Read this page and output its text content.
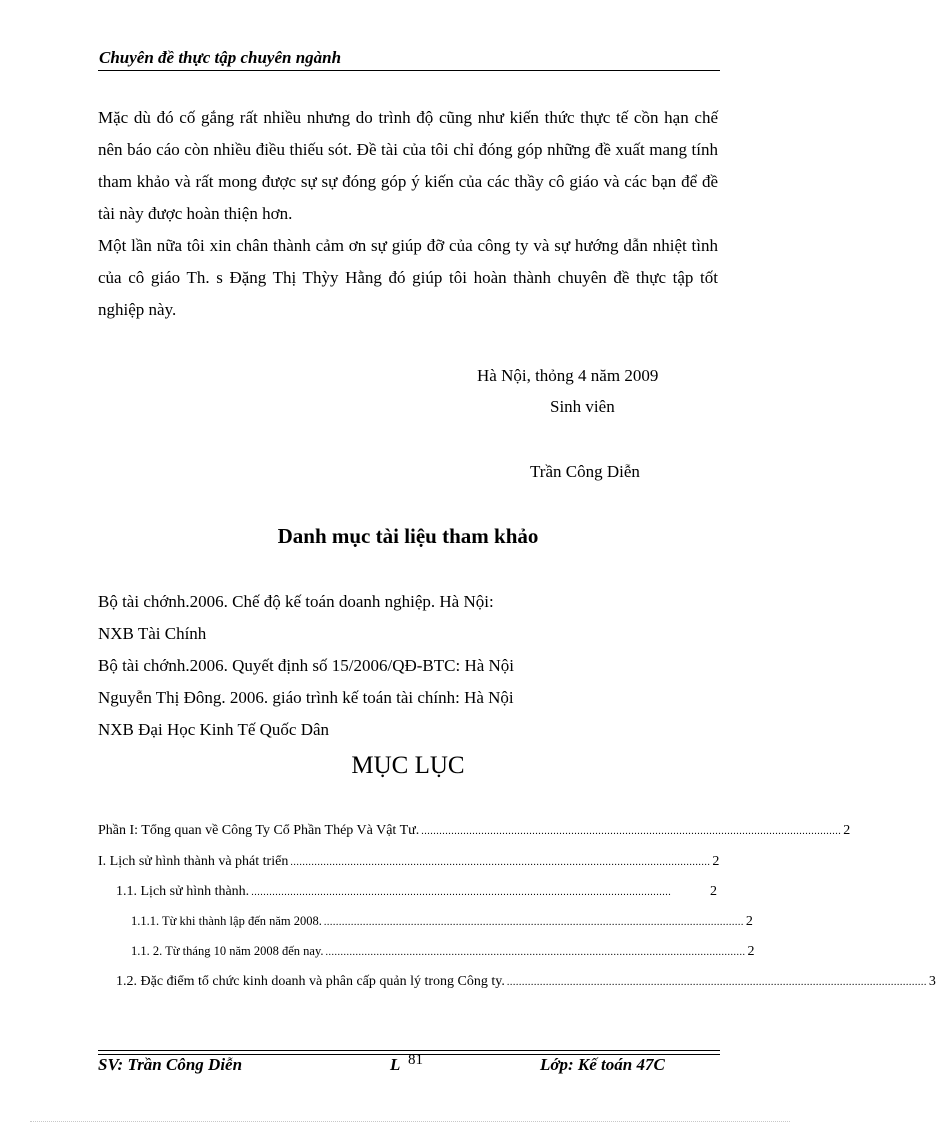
Chuyên đề thực tập chuyên ngành
Mặc dù đó cố gắng rất nhiều nhưng do trình độ cũng như kiến thức thực tế cồn hạn chế nên báo cáo còn nhiều điều thiếu sót. Đề tài của tôi chỉ đóng góp những đề xuất mang tính tham khảo và rất mong được sự sự đóng góp ý kiến của các thầy cô giáo và các bạn để đề tài này được hoàn thiện hơn.
Một lần nữa tôi xin chân thành cảm ơn sự giúp đỡ của công ty và sự hướng dẫn nhiệt tình của cô giáo Th. s Đặng Thị Thỳy Hằng đó giúp tôi hoàn thành chuyên đề thực tập tốt nghiệp này.
Hà Nội, thỏng 4 năm 2009
Sinh viên
Trần Công Diễn
Danh mục tài liệu tham khảo
Bộ tài chớnh.2006. Chế độ kế toán doanh nghiệp. Hà Nội:
NXB Tài Chính
Bộ tài chớnh.2006. Quyết định số 15/2006/QĐ-BTC: Hà Nội
Nguyễn Thị Đông. 2006. giáo trình kế toán tài chính: Hà Nội
NXB Đại Học Kinh Tế Quốc Dân
MỤC LỤC
Phần I: Tổng quan về Công Ty Cổ Phần Thép Và Vật Tư. ............................................................................................................................................ 2
I. Lịch sử hình thành và phát triển ............................................................................................................................................ 2
1.1. Lịch sử hình thành. ............................................................................................................................................	2
1.1.1. Từ khi thành lập đến năm 2008. ............................................................................................................................................ 2
1.1. 2. Từ tháng 10 năm 2008 đến nay. ............................................................................................................................................ 2
1.2. Đặc điểm tổ chức kinh doanh và phân cấp quản lý trong Công ty. ............................................................................................................................................ 3
SV: Trần Công Diễn	L 81	Lớp: Kế toán 47C
